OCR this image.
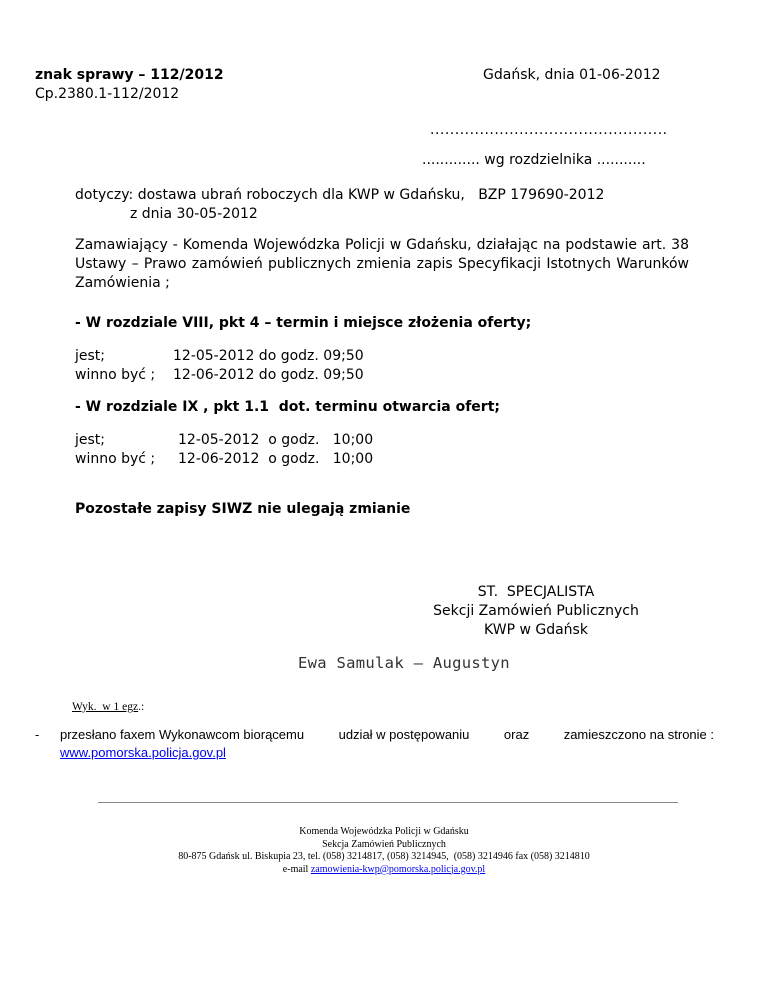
znak sprawy – 112/2012
Cp.2380.1-112/2012
Gdańsk, dnia 01-06-2012
................................................
............. wg rozdzielnika ...........
dotyczy: dostawa ubrań roboczych dla KWP w Gdańsku,   BZP 179690-2012
z dnia 30-05-2012
Zamawiający - Komenda Wojewódzka Policji w Gdańsku, działając na podstawie art. 38 Ustawy – Prawo zamówień publicznych zmienia zapis Specyfikacji Istotnych Warunków Zamówienia ;
- W rozdziale VIII, pkt 4 – termin i miejsce złożenia oferty;
jest;	12-05-2012 do godz. 09;50
winno być ;	12-06-2012 do godz. 09;50
- W rozdziale IX , pkt 1.1  dot. terminu otwarcia ofert;
jest;	12-05-2012  o godz.   10;00
winno być ;	12-06-2012  o godz.   10;00
Pozostałe zapisy SIWZ nie ulegają zmianie
ST.  SPECJALISTA
Sekcji Zamówień Publicznych
KWP w Gdańsk
Ewa Samulak – Augustyn
Wyk.  w 1 egz.:
- przesłano faxem Wykonawcom biorącemu	udział w postępowaniu	oraz	zamieszczono na stronie :
www.pomorska.policja.gov.pl
Komenda Wojewódzka Policji w Gdańsku
Sekcja Zamówień Publicznych
80-875 Gdańsk ul. Biskupia 23, tel. (058) 3214817, (058) 3214945,  (058) 3214946 fax (058) 3214810
e-mail zamowienia-kwp@pomorska.policja.gov.pl
